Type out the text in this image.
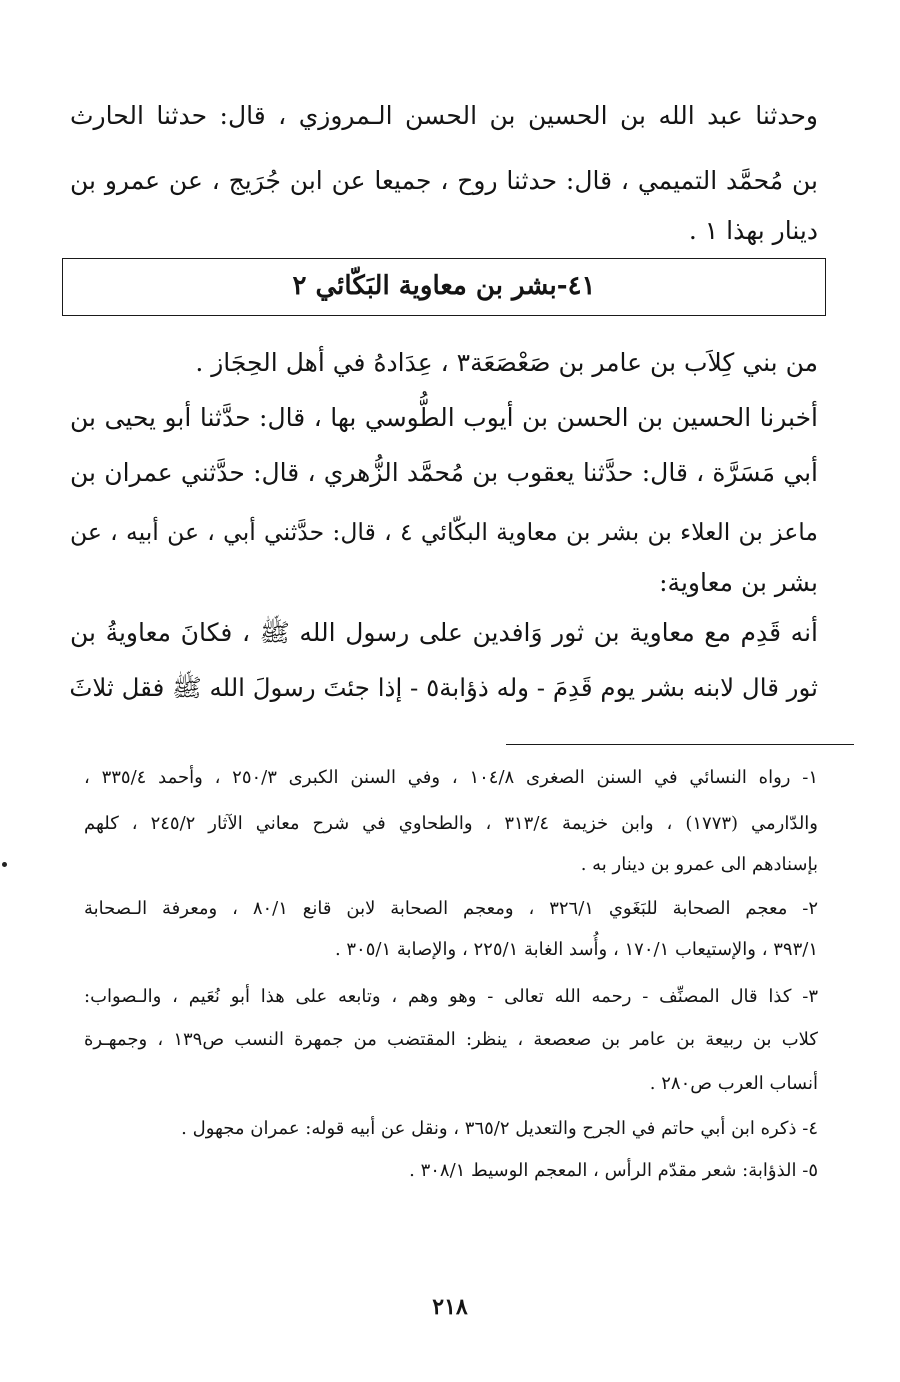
وحدثنا عبد الله بن الحسين بن الحسن الـمروزي ، قال: حدثنا الحارث
بن مُحمَّد التميمي ، قال: حدثنا روح ، جميعا عن ابن جُرَيج ، عن عمرو بن
دينار بهذا ١ .
٤١-بشر بن معاوية البَكّائي ٢
من بني كِلاَب بن عامر بن صَعْصَعَة٣ ، عِدَادهُ في أهل الحِجَاز .
أخبرنا الحسين بن الحسن بن أيوب الطُّوسي بها ، قال: حدَّثنا أبو يحيى بن
أبي مَسَرَّة ، قال: حدَّثنا يعقوب بن مُحمَّد الزُّهري ، قال: حدَّثني عمران بن
ماعز بن العلاء بن بشر بن معاوية البكّائي ٤ ، قال: حدَّثني أبي ، عن أبيه ، عن
بشر بن معاوية:
أنه قَدِم مع معاوية بن ثور وَافدين على رسول الله ﷺ ، فكانَ معاويةُ بن
ثور قال لابنه بشر يوم قَدِمَ - وله ذؤابة٥ - إذا جئتَ رسولَ الله ﷺ فقل ثلاثَ
١- رواه النسائي في السنن الصغرى ١٠٤/٨ ، وفي السنن الكبرى ٢٥٠/٣ ، وأحمد ٣٣٥/٤ ،
والدّارمي (١٧٧٣) ، وابن خزيمة ٣١٣/٤ ، والطحاوي في شرح معاني الآثار ٢٤٥/٢ ، كلهم
بإسنادهم الى عمرو بن دينار به .
٢- معجم الصحابة للبَغَوي ٣٢٦/١ ، ومعجم الصحابة لابن قانع ٨٠/١ ، ومعرفة الـصحابة
٣٩٣/١ ، والإستيعاب ١٧٠/١ ، وأُسد الغابة ٢٢٥/١ ، والإصابة ٣٠٥/١ .
٣- كذا قال المصنِّف - رحمه الله تعالى - وهو وهم ، وتابعه على هذا أبو نُعَيم ، والـصواب:
كلاب بن ربيعة بن عامر بن صعصعة ، ينظر: المقتضب من جمهرة النسب ص١٣٩ ، وجمهـرة
أنساب العرب ص٢٨٠ .
٤- ذكره ابن أبي حاتم في الجرح والتعديل ٣٦٥/٢ ، ونقل عن أبيه قوله: عمران مجهول .
٥- الذؤابة: شعر مقدّم الرأس ، المعجم الوسيط ٣٠٨/١ .
٢١٨
